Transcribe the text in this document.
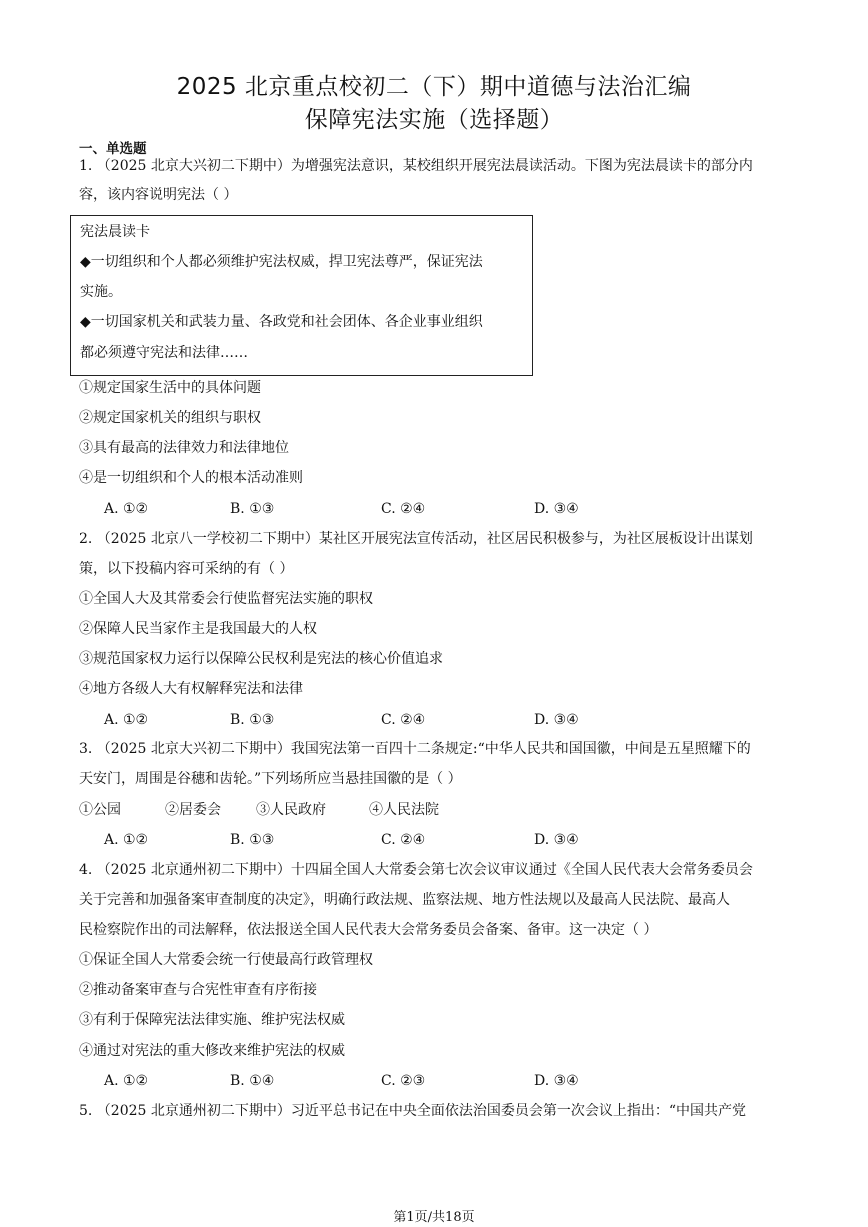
2025 北京重点校初二（下）期中道德与法治汇编
保障宪法实施（选择题）
一、单选题
1. （2025 北京大兴初二下期中）为增强宪法意识，某校组织开展宪法晨读活动。下图为宪法晨读卡的部分内
容，该内容说明宪法（ ）
宪法晨读卡
◆一切组织和个人都必须维护宪法权威，捍卫宪法尊严，保证宪法
实施。
◆一切国家机关和武装力量、各政党和社会团体、各企业事业组织
都必须遵守宪法和法律……
①规定国家生活中的具体问题
②规定国家机关的组织与职权
③具有最高的法律效力和法律地位
④是一切组织和个人的根本活动准则
A. ①②	B. ①③	C. ②④	D. ③④
2. （2025 北京八一学校初二下期中）某社区开展宪法宣传活动，社区居民积极参与，为社区展板设计出谋划
策，以下投稿内容可采纳的有（ ）
①全国人大及其常委会行使监督宪法实施的职权
②保障人民当家作主是我国最大的人权
③规范国家权力运行以保障公民权利是宪法的核心价值追求
④地方各级人大有权解释宪法和法律
A. ①②	B. ①③	C. ②④	D. ③④
3. （2025 北京大兴初二下期中）我国宪法第一百四十二条规定:“中华人民共和国国徽，中间是五星照耀下的
天安门，周围是谷穗和齿轮。”下列场所应当悬挂国徽的是（ ）
①公园	②居委会	③人民政府	④人民法院
A. ①②	B. ①③	C. ②④	D. ③④
4. （2025 北京通州初二下期中）十四届全国人大常委会第七次会议审议通过《全国人民代表大会常务委员会
关于完善和加强备案审查制度的决定》，明确行政法规、监察法规、地方性法规以及最高人民法院、最高人
民检察院作出的司法解释，依法报送全国人民代表大会常务委员会备案、备审。这一决定（ ）
①保证全国人大常委会统一行使最高行政管理权
②推动备案审查与合宪性审查有序衔接
③有利于保障宪法法律实施、维护宪法权威
④通过对宪法的重大修改来维护宪法的权威
A. ①②	B. ①④	C. ②③	D. ③④
5. （2025 北京通州初二下期中）习近平总书记在中央全面依法治国委员会第一次会议上指出：“中国共产党
第1页/共18页
